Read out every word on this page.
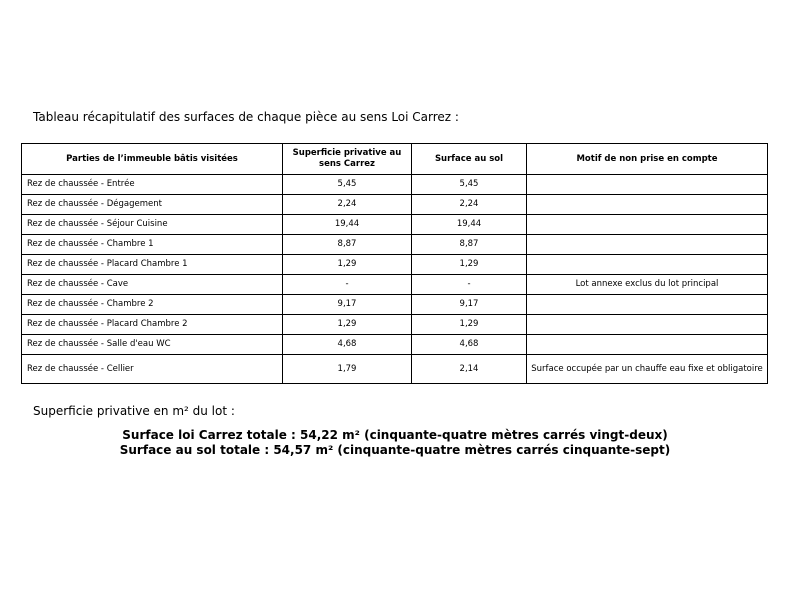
Tableau récapitulatif des surfaces de chaque pièce au sens Loi Carrez :

Parties de l’immeuble bâtis visitées	Superficie privative au sens Carrez	Surface au sol	Motif de non prise en compte
Rez de chaussée - Entrée	5,45	5,45	
Rez de chaussée - Dégagement	2,24	2,24	
Rez de chaussée - Séjour Cuisine	19,44	19,44	
Rez de chaussée - Chambre 1	8,87	8,87	
Rez de chaussée - Placard Chambre 1	1,29	1,29	
Rez de chaussée - Cave	-	-	Lot annexe exclus du lot principal
Rez de chaussée - Chambre 2	9,17	9,17	
Rez de chaussée - Placard Chambre 2	1,29	1,29	
Rez de chaussée - Salle d'eau WC	4,68	4,68	
Rez de chaussée - Cellier	1,79	2,14	Surface occupée par un chauffe eau fixe et obligatoire

Superficie privative en m² du lot :

Surface loi Carrez totale : 54,22 m² (cinquante-quatre mètres carrés vingt-deux)
Surface au sol totale : 54,57 m² (cinquante-quatre mètres carrés cinquante-sept)
